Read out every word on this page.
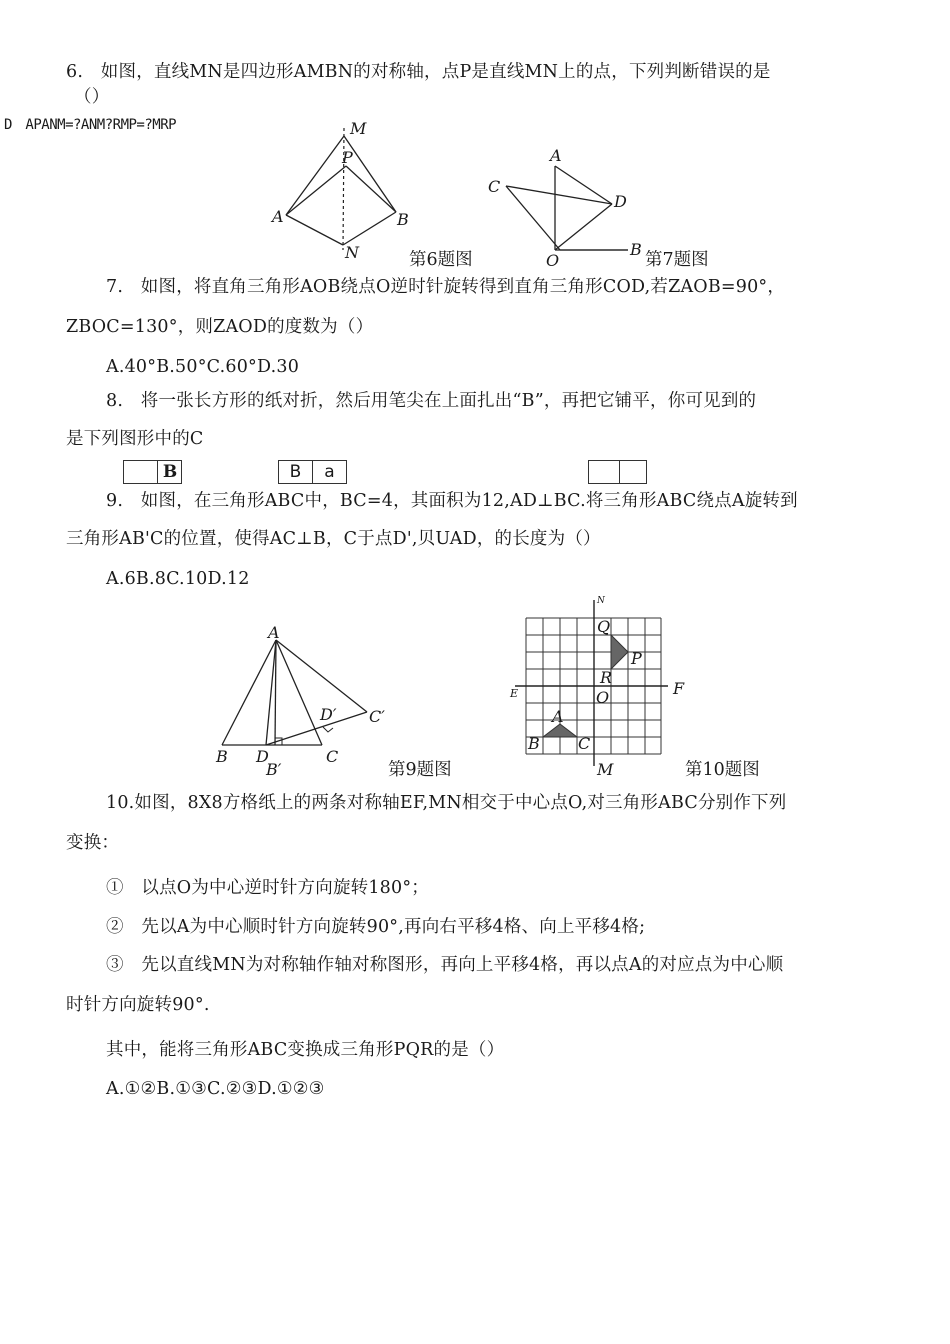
6.　如图，直线MN是四边形AMBN的对称轴，点P是直线MN上的点，下列判断错误的是
（）
D　APANM=?ANM?RMP=?MRP	M
P
A	B
N	第6题图
A
C
D
O
B
第7题图
7.　如图，将直角三角形AOB绕点O逆时针旋转得到直角三角形COD,若ZAOB=90°，
ZBOC=130°，则ZAOD的度数为（）
A.40°B.50°C.60°D.30
8.　将一张长方形的纸对折，然后用笔尖在上面扎出“B”，再把它铺平，你可见到的
是下列图形中的C
B	B	a
9.　如图，在三角形ABC中，BC=4，其面积为12,AD⊥BC.将三角形ABC绕点A旋转到
三角形AB'C的位置，使得AC⊥B，C于点D',贝UAD，的长度为（）
A.6B.8C.10D.12
A
B D	C
D′ C′
B′	第9题图
N
Q
P
R
O
E	F
A
B C
M	第10题图
10.如图，8X8方格纸上的两条对称轴EF,MN相交于中心点O,对三角形ABC分别作下列
变换：
①　以点O为中心逆时针方向旋转180°；
②　先以A为中心顺时针方向旋转90°,再向右平移4格、向上平移4格;
③　先以直线MN为对称轴作轴对称图形，再向上平移4格，再以点A的对应点为中心顺
时针方向旋转90°.
其中，能将三角形ABC变换成三角形PQR的是（）
A.①②B.①③C.②③D.①②③
